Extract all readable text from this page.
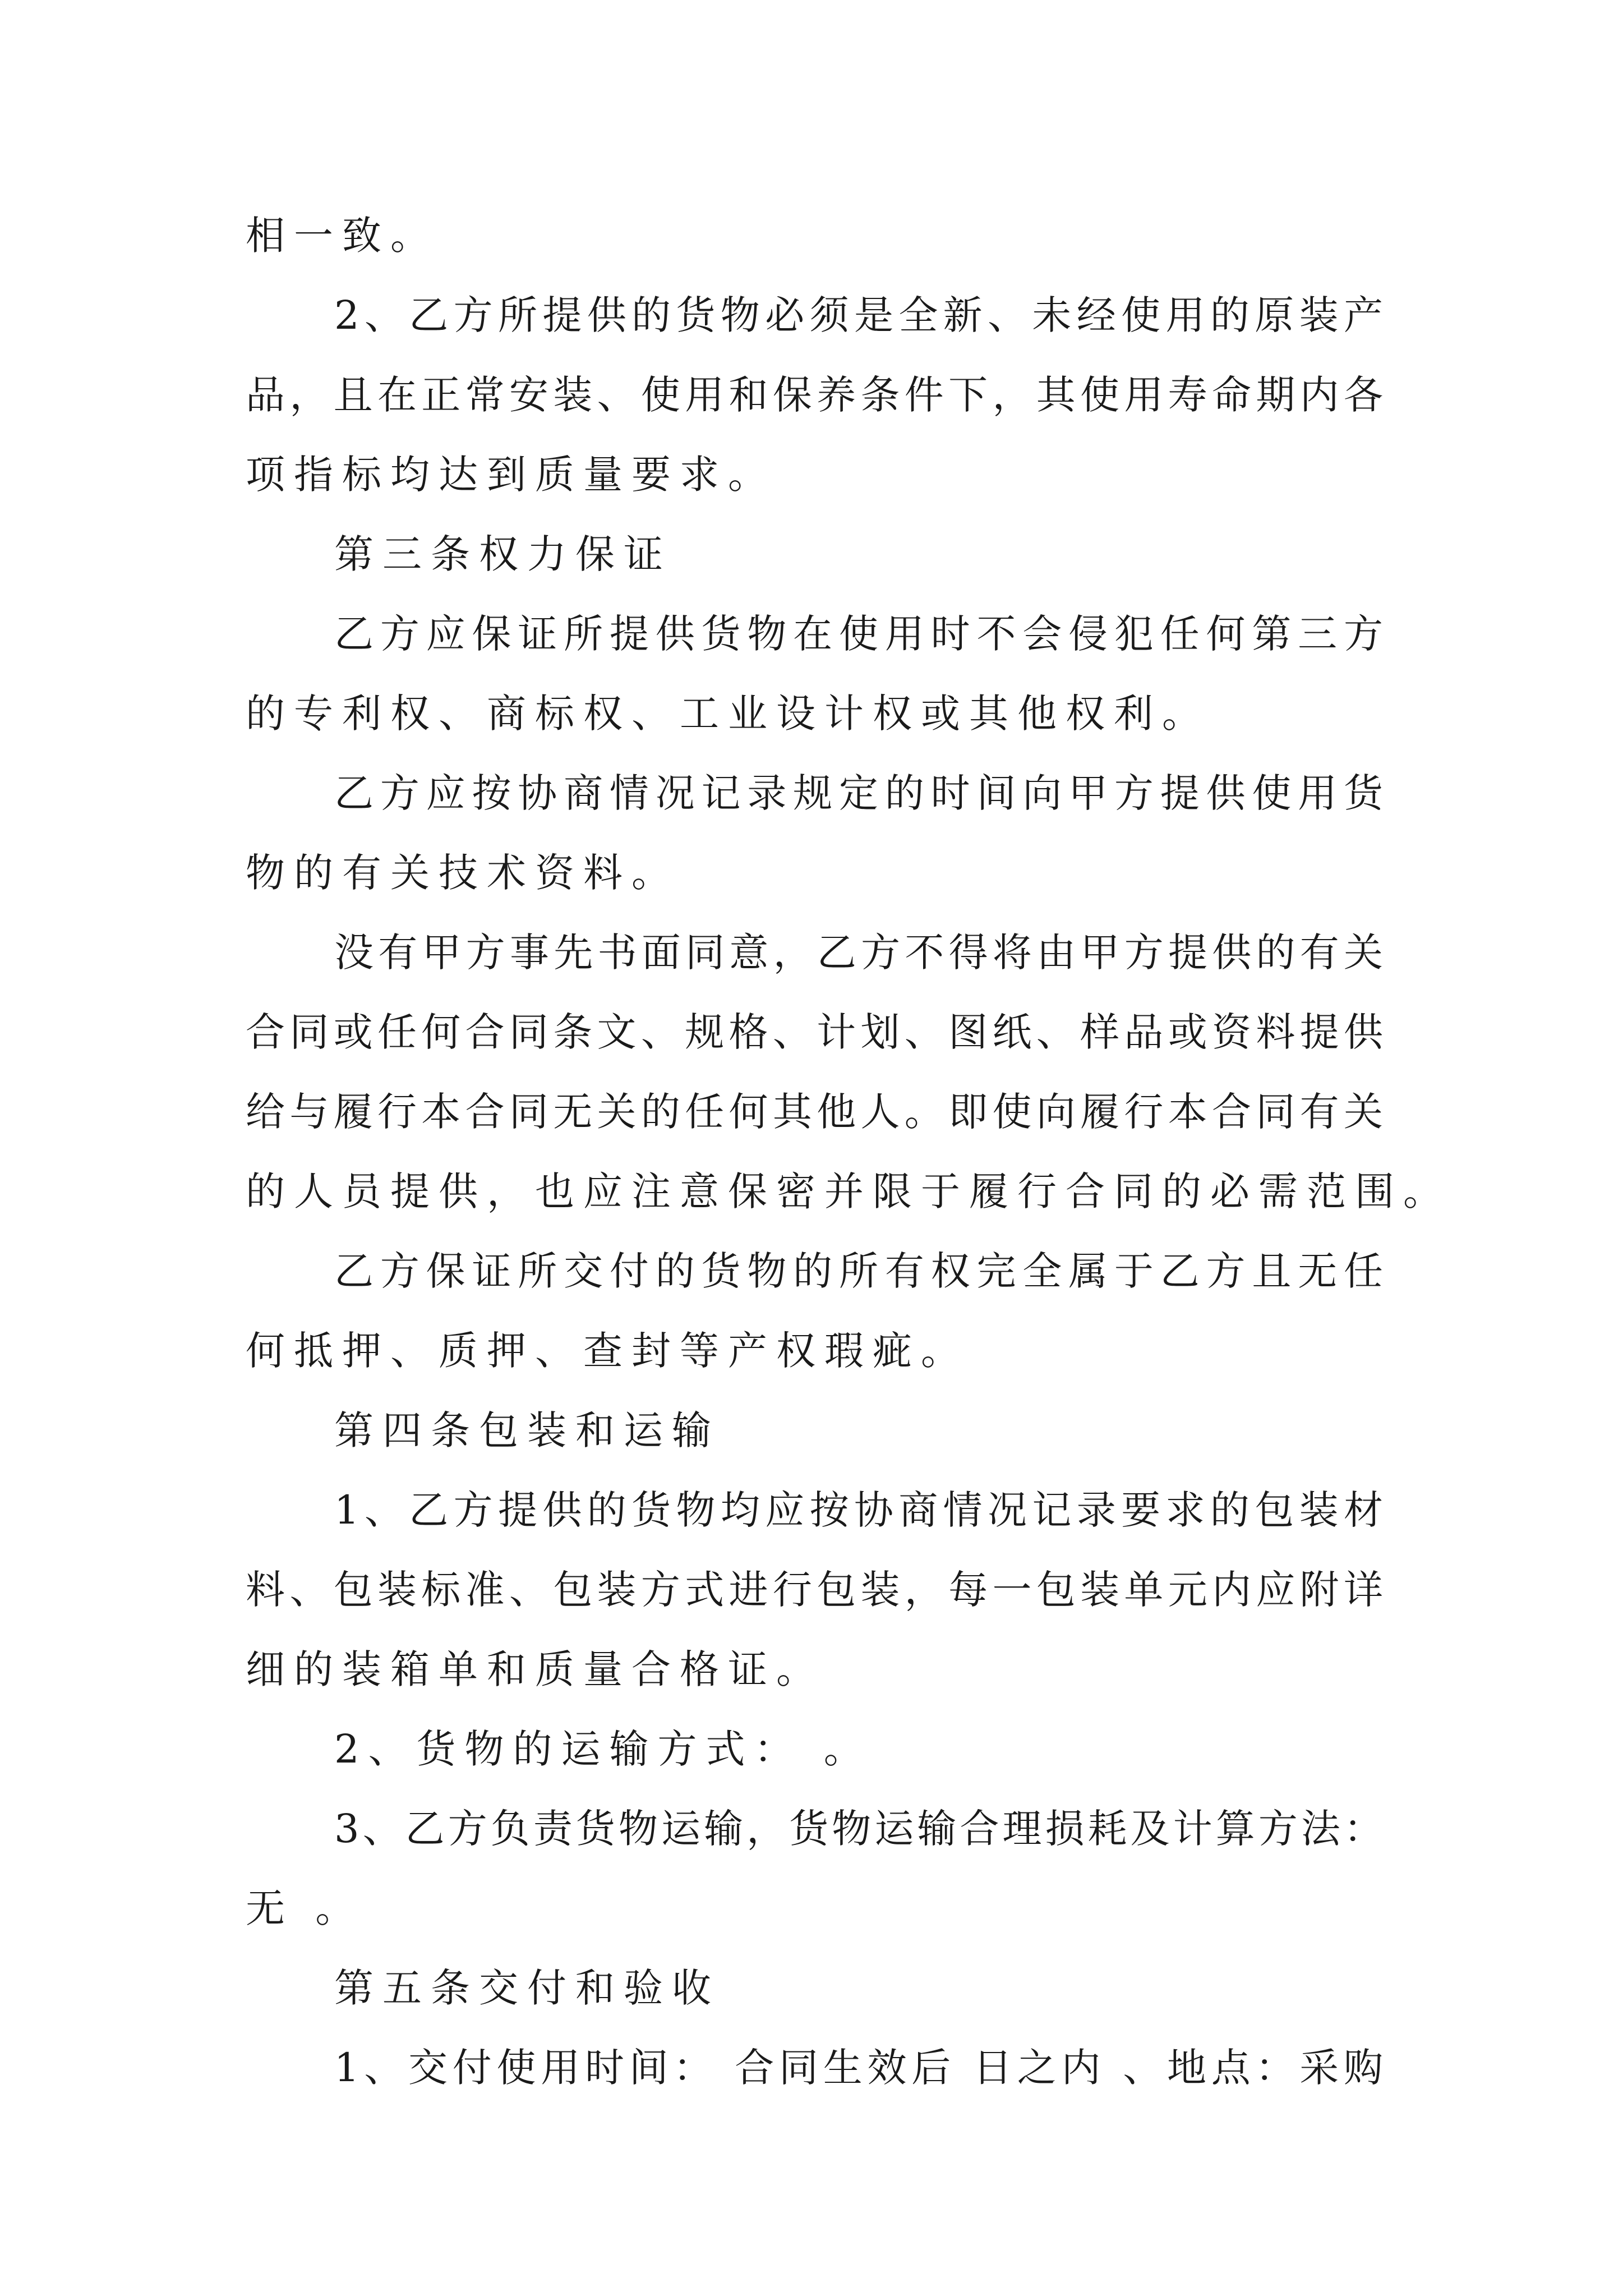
相一致。
2、乙方所提供的货物必须是全新、未经使用的原装产
品，且在正常安装、使用和保养条件下，其使用寿命期内各
项指标均达到质量要求。
第三条权力保证
乙方应保证所提供货物在使用时不会侵犯任何第三方
的专利权、商标权、工业设计权或其他权利。
乙方应按协商情况记录规定的时间向甲方提供使用货
物的有关技术资料。
没有甲方事先书面同意，乙方不得将由甲方提供的有关
合同或任何合同条文、规格、计划、图纸、样品或资料提供
给与履行本合同无关的任何其他人。即使向履行本合同有关
的人员提供，也应注意保密并限于履行合同的必需范围。
乙方保证所交付的货物的所有权完全属于乙方且无任
何抵押、质押、查封等产权瑕疵。
第四条包装和运输
1、乙方提供的货物均应按协商情况记录要求的包装材
料、包装标准、包装方式进行包装，每一包装单元内应附详
细的装箱单和质量合格证。
2、货物的运输方式： 。
3、乙方负责货物运输，货物运输合理损耗及计算方法：
无 。
第五条交付和验收
1、交付使用时间： 合同生效后 日之内 、地点：采购
